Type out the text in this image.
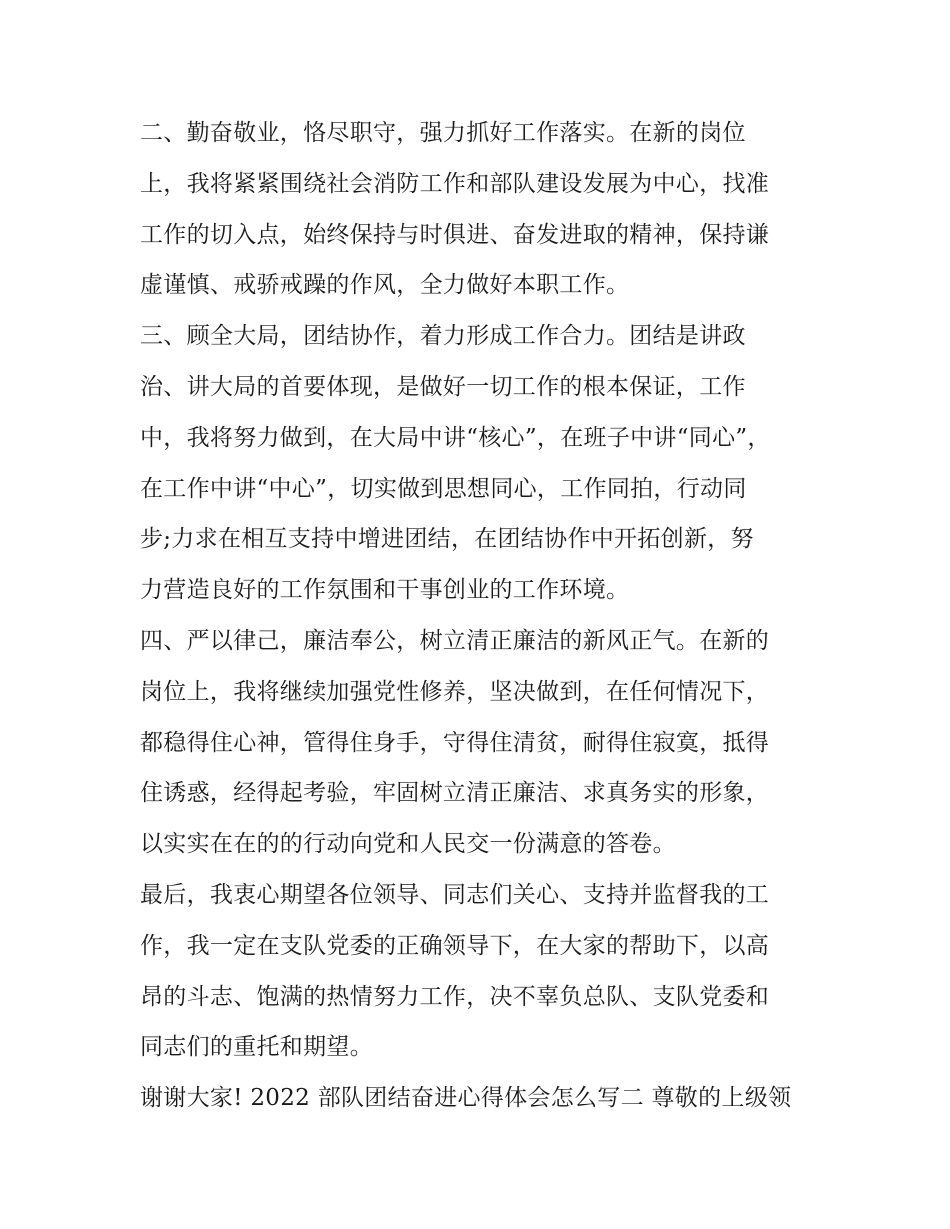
二、勤奋敬业，恪尽职守，强力抓好工作落实。在新的岗位
上，我将紧紧围绕社会消防工作和部队建设发展为中心，找准
工作的切入点，始终保持与时俱进、奋发进取的精神，保持谦
虚谨慎、戒骄戒躁的作风，全力做好本职工作。
三、顾全大局，团结协作，着力形成工作合力。团结是讲政
治、讲大局的首要体现，是做好一切工作的根本保证，工作
中，我将努力做到，在大局中讲“核心”，在班子中讲“同心”，
在工作中讲“中心”，切实做到思想同心，工作同拍，行动同
步;力求在相互支持中增进团结，在团结协作中开拓创新，努
力营造良好的工作氛围和干事创业的工作环境。
四、严以律己，廉洁奉公，树立清正廉洁的新风正气。在新的
岗位上，我将继续加强党性修养，坚决做到，在任何情况下，
都稳得住心神，管得住身手，守得住清贫，耐得住寂寞，抵得
住诱惑，经得起考验，牢固树立清正廉洁、求真务实的形象，
以实实在在的的行动向党和人民交一份满意的答卷。
最后，我衷心期望各位领导、同志们关心、支持并监督我的工
作，我一定在支队党委的正确领导下，在大家的帮助下，以高
昂的斗志、饱满的热情努力工作，决不辜负总队、支队党委和
同志们的重托和期望。
谢谢大家! 2022 部队团结奋进心得体会怎么写二 尊敬的上级领
